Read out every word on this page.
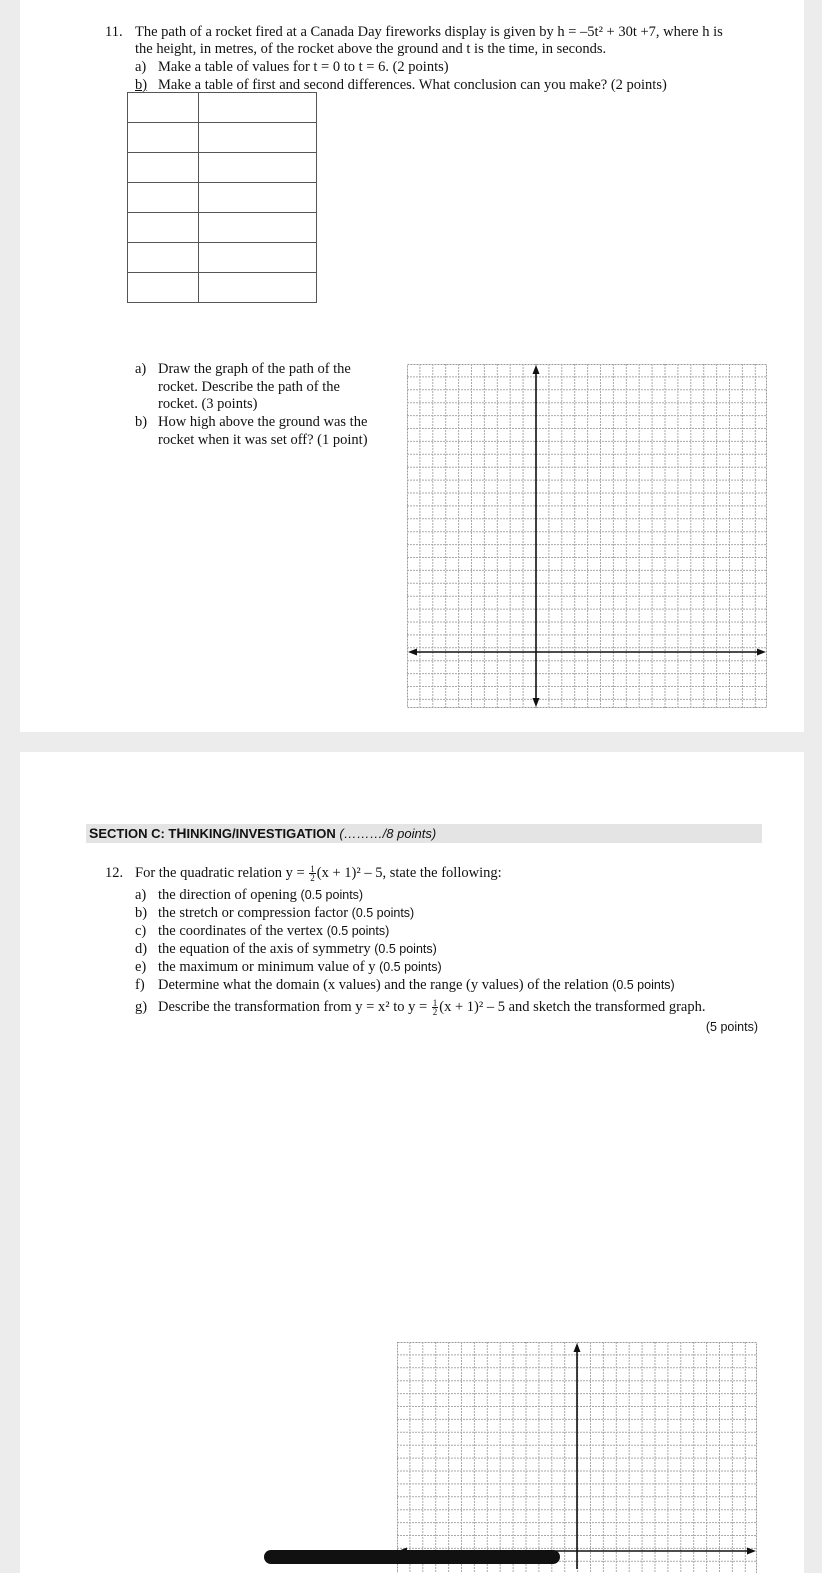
11. The path of a rocket fired at a Canada Day fireworks display is given by h = –5t² + 30t +7, where h is
the height, in metres, of the rocket above the ground and t is the time, in seconds.
a) Make a table of values for t = 0 to t = 6. (2 points)
b) Make a table of first and second differences. What conclusion can you make? (2 points)

a) Draw the graph of the path of the
rocket. Describe the path of the
rocket. (3 points)
b) How high above the ground was the
rocket when it was set off? (1 point)
SECTION C: THINKING/INVESTIGATION (………/8 points)
12. For the quadratic relation $y = \frac{1}{2} (x + 1)^2 - 5$, state the following:
a) the direction of opening (0.5 points)
b) the stretch or compression factor (0.5 points)
c) the coordinates of the vertex (0.5 points)
d) the equation of the axis of symmetry (0.5 points)
e) the maximum or minimum value of y (0.5 points)
f) Determine what the domain (x values) and the range (y values) of the relation (0.5 points)
g) Describe the transformation from y = x² to $y = \frac{1}{2} (x + 1)^2 - 5$ and sketch the transformed graph.
(5 points)
